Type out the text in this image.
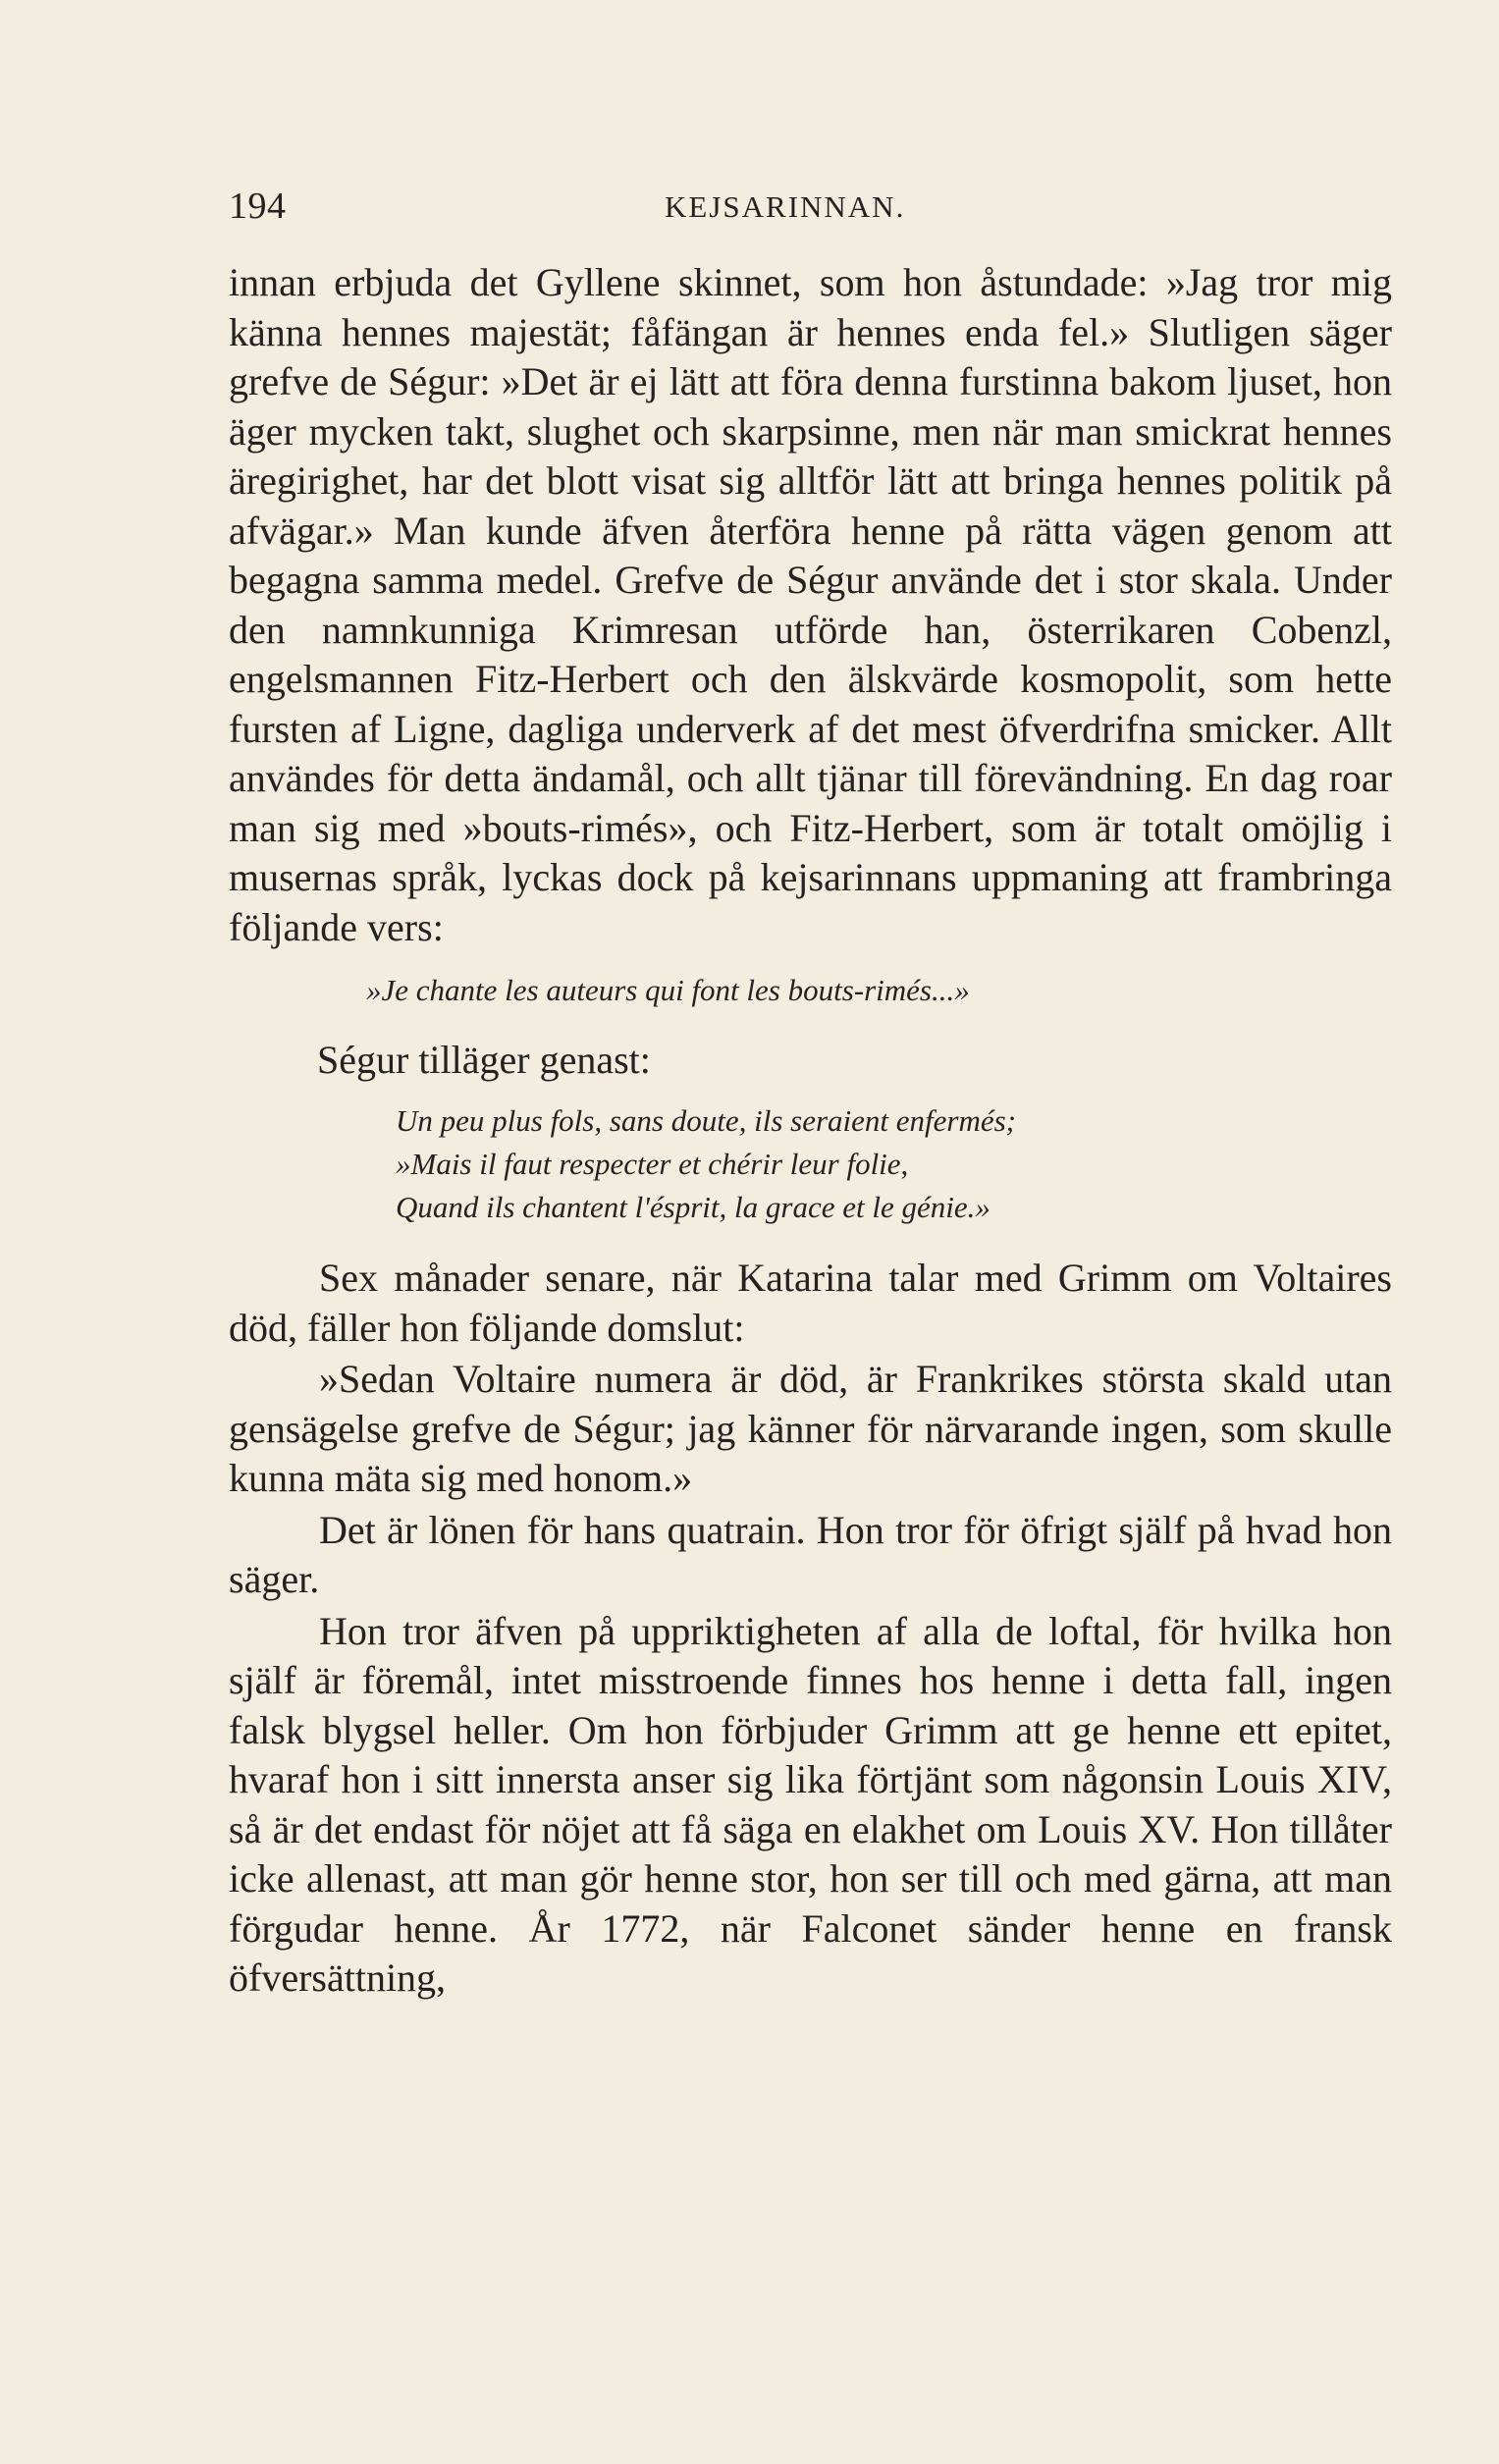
194	KEJSARINNAN.

innan erbjuda det Gyllene skinnet, som hon åstundade: »Jag tror mig känna hennes majestät; fåfängan är hennes enda fel.» Slutligen säger grefve de Ségur: »Det är ej lätt att föra denna furstinna bakom ljuset, hon äger mycken takt, slughet och skarpsinne, men när man smickrat hennes äregirighet, har det blott visat sig alltför lätt att bringa hennes politik på afvägar.» Man kunde äfven återföra henne på rätta vägen genom att begagna samma medel. Grefve de Ségur använde det i stor skala. Under den namnkunniga Krimresan utförde han, österrikaren Cobenzl, engelsmannen Fitz-Herbert och den älskvärde kosmopolit, som hette fursten af Ligne, dagliga underverk af det mest öfverdrifna smicker. Allt användes för detta ändamål, och allt tjänar till förevändning. En dag roar man sig med »bouts-rimés», och Fitz-Herbert, som är totalt omöjlig i musernas språk, lyckas dock på kejsarinnans uppmaning att frambringa följande vers:

»Je chante les auteurs qui font les bouts-rimés...»

Ségur tilläger genast:

Un peu plus fols, sans doute, ils seraient enfermés;

»Mais il faut respecter et chérir leur folie,

Quand ils chantent l'ésprit, la grace et le génie.»

Sex månader senare, när Katarina talar med Grimm om Voltaires död, fäller hon följande domslut:

»Sedan Voltaire numera är död, är Frankrikes största skald utan gensägelse grefve de Ségur; jag känner för närvarande ingen, som skulle kunna mäta sig med honom.»

Det är lönen för hans quatrain. Hon tror för öfrigt själf på hvad hon säger.

Hon tror äfven på uppriktigheten af alla de loftal, för hvilka hon själf är föremål, intet misstroende finnes hos henne i detta fall, ingen falsk blygsel heller. Om hon förbjuder Grimm att ge henne ett epitet, hvaraf hon i sitt innersta anser sig lika förtjänt som någonsin Louis XIV, så är det endast för nöjet att få säga en elakhet om Louis XV. Hon tillåter icke allenast, att man gör henne stor, hon ser till och med gärna, att man förgudar henne. År 1772, när Falconet sänder henne en fransk öfversättning,
